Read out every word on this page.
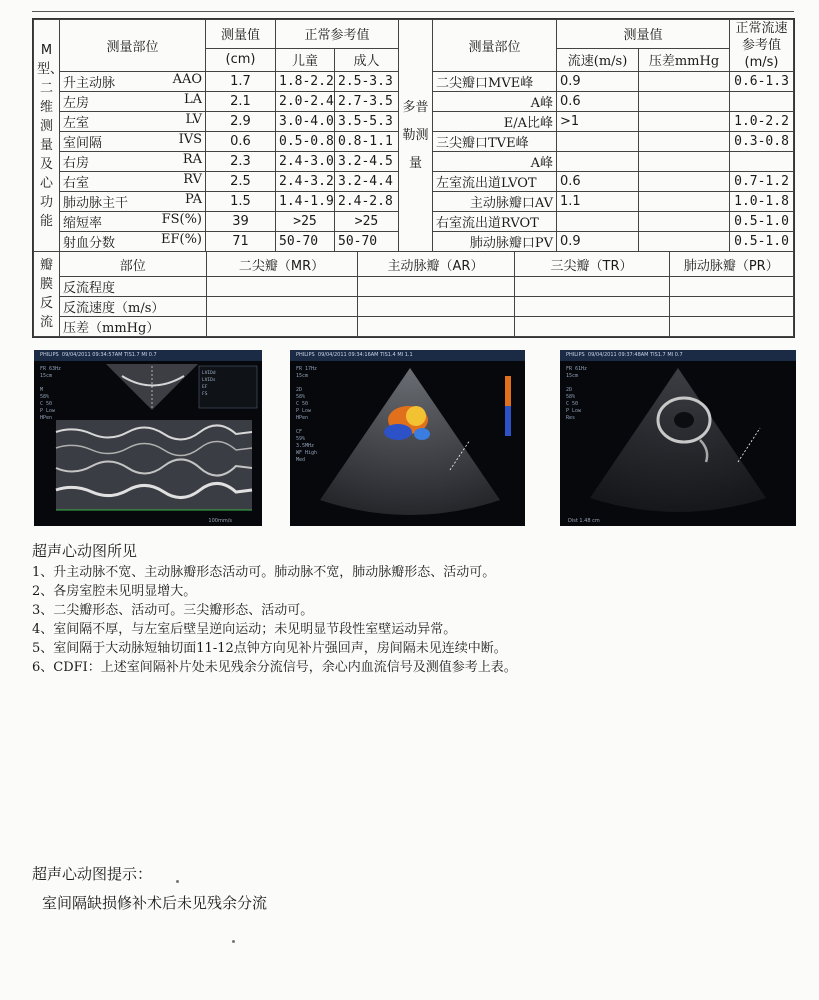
M型、二维测量及心功能	测量部位	测量值	正常参考值	多普勒测量	测量部位	测量值	正常流速参考值(m/s)
(cm)	儿童	成人	流速(m/s)	压差mmHg

升主动脉	AAO	1.7	1.8-2.2	2.5-3.3	二尖瓣口MVE峰	0.9		0.6-1.3

左房	LA	2.1	2.0-2.4	2.7-3.5	A峰	0.6		

左室	LV	2.9	3.0-4.0	3.5-5.3	E/A比峰	>1		1.0-2.2

室间隔	IVS	0.6	0.5-0.8	0.8-1.1	三尖瓣口TVE峰			0.3-0.8

右房	RA	2.3	2.4-3.0	3.2-4.5	A峰			

右室	RV	2.5	2.4-3.2	3.2-4.4	左室流出道LVOT	0.6		0.7-1.2

肺动脉主干	PA	1.5	1.4-1.9	2.4-2.8	主动脉瓣口AV	1.1		1.0-1.8

缩短率	FS(%)	39	>25	>25	右室流出道RVOT			0.5-1.0

射血分数	EF(%)	71	50-70	50-70	肺动脉瓣口PV	0.9		0.5-1.0
瓣膜反流	
部位	二尖瓣（MR）	主动脉瓣（AR）	三尖瓣（TR）	肺动脉瓣（PR）
反流程度				
反流速度（m/s）				
压差（mmHg）				
PHILIPS 09/04/2011 09:34:57AM TIS1.7 MI 0.7
FR 63Hz
15cm

M
58%
C 50
P Low
HPen
LVIDd
LVIDs
EF
FS
100mm/s
PHILIPS 09/04/2011 09:34:16AM TIS1.4 MI 1.1
FR 17Hz
15cm

2D
58%
C 50
P Low
HPen

CF
59%
3.5MHz
WF High
Med
PHILIPS 09/04/2011 09:37:48AM TIS1.7 MI 0.7
FR 61Hz
15cm

2D
58%
C 50
P Low
Res
Dist 1.48 cm
超声心动图所见
1、升主动脉不宽、主动脉瓣形态活动可。肺动脉不宽，肺动脉瓣形态、活动可。
2、各房室腔未见明显增大。
3、二尖瓣形态、活动可。三尖瓣形态、活动可。
4、室间隔不厚，与左室后壁呈逆向运动；未见明显节段性室壁运动异常。
5、室间隔于大动脉短轴切面11-12点钟方向见补片强回声，房间隔未见连续中断。
6、CDFI：上述室间隔补片处未见残余分流信号，余心内血流信号及测值参考上表。
超声心动图提示：
室间隔缺损修补术后未见残余分流
